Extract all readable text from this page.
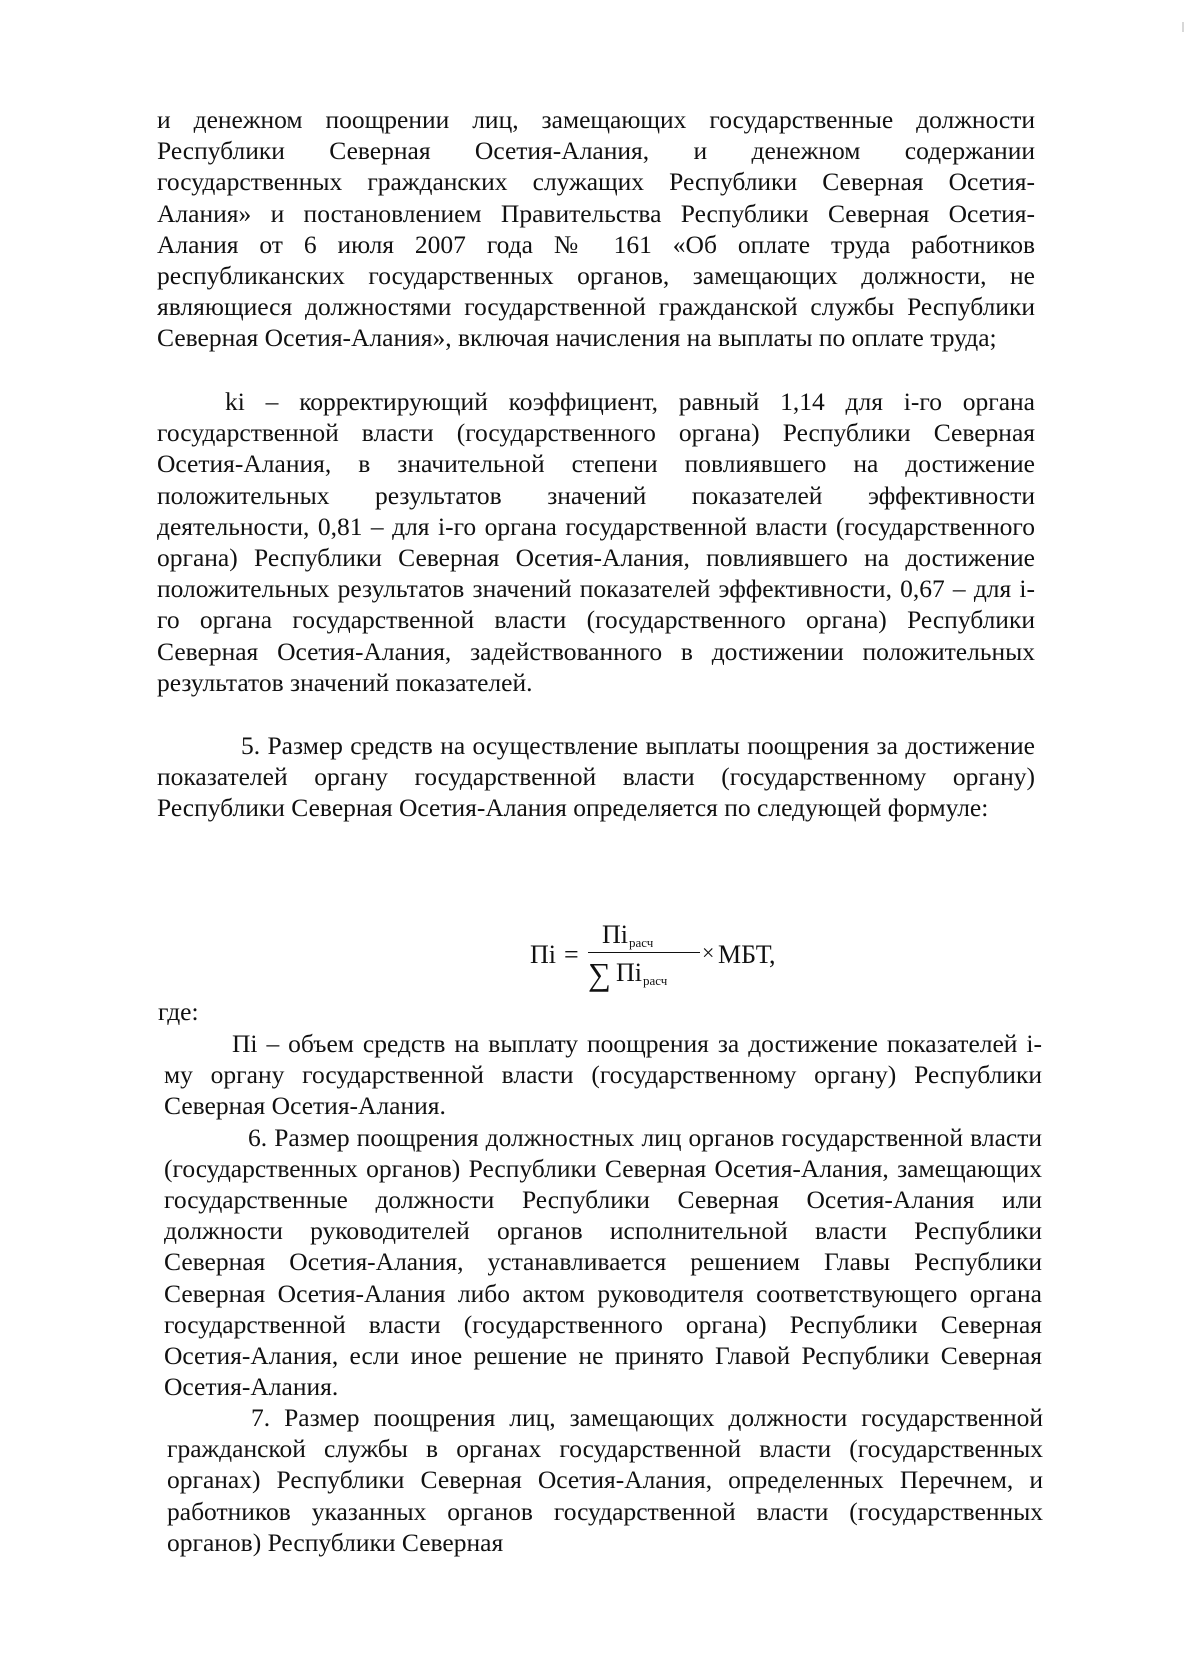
и денежном поощрении лиц, замещающих государственные должности Республики Северная Осетия-Алания, и денежном содержании государственных гражданских служащих Республики Северная Осетия-Алания» и постановлением Правительства Республики Северная Осетия-Алания от 6 июля 2007 года № 161 «Об оплате труда работников республиканских государственных органов, замещающих должности, не являющиеся должностями государственной гражданской службы Республики Северная Осетия-Алания», включая начисления на выплаты по оплате труда;

ki – корректирующий коэффициент, равный 1,14 для i-го органа государственной власти (государственного органа) Республики Северная Осетия-Алания, в значительной степени повлиявшего на достижение положительных результатов значений показателей эффективности деятельности, 0,81 – для i-го органа государственной власти (государственного органа) Республики Северная Осетия-Алания, повлиявшего на достижение положительных результатов значений показателей эффективности, 0,67 – для i-го органа государственной власти (государственного органа) Республики Северная Осетия-Алания, задействованного в достижении положительных результатов значений показателей.

5. Размер средств на осуществление выплаты поощрения за достижение показателей органу государственной власти (государственному органу) Республики Северная Осетия-Алания определяется по следующей формуле:

Пi =
$Пi_{расч}$
∑ $Пi_{расч}$
× МБТ,
где:

Пi – объем средств на выплату поощрения за достижение показателей i-му органу государственной власти (государственному органу) Республики Северная Осетия-Алания.

6. Размер поощрения должностных лиц органов государственной власти (государственных органов) Республики Северная Осетия-Алания, замещающих государственные должности Республики Северная Осетия-Алания или должности руководителей органов исполнительной власти Республики Северная Осетия-Алания, устанавливается решением Главы Республики Северная Осетия-Алания либо актом руководителя соответствующего органа государственной власти (государственного органа) Республики Северная Осетия-Алания, если иное решение не принято Главой Республики Северная Осетия-Алания.

7. Размер поощрения лиц, замещающих должности государственной гражданской службы в органах государственной власти (государственных органах) Республики Северная Осетия-Алания, определенных Перечнем, и работников указанных органов государственной власти (государственных органов) Республики Северная
